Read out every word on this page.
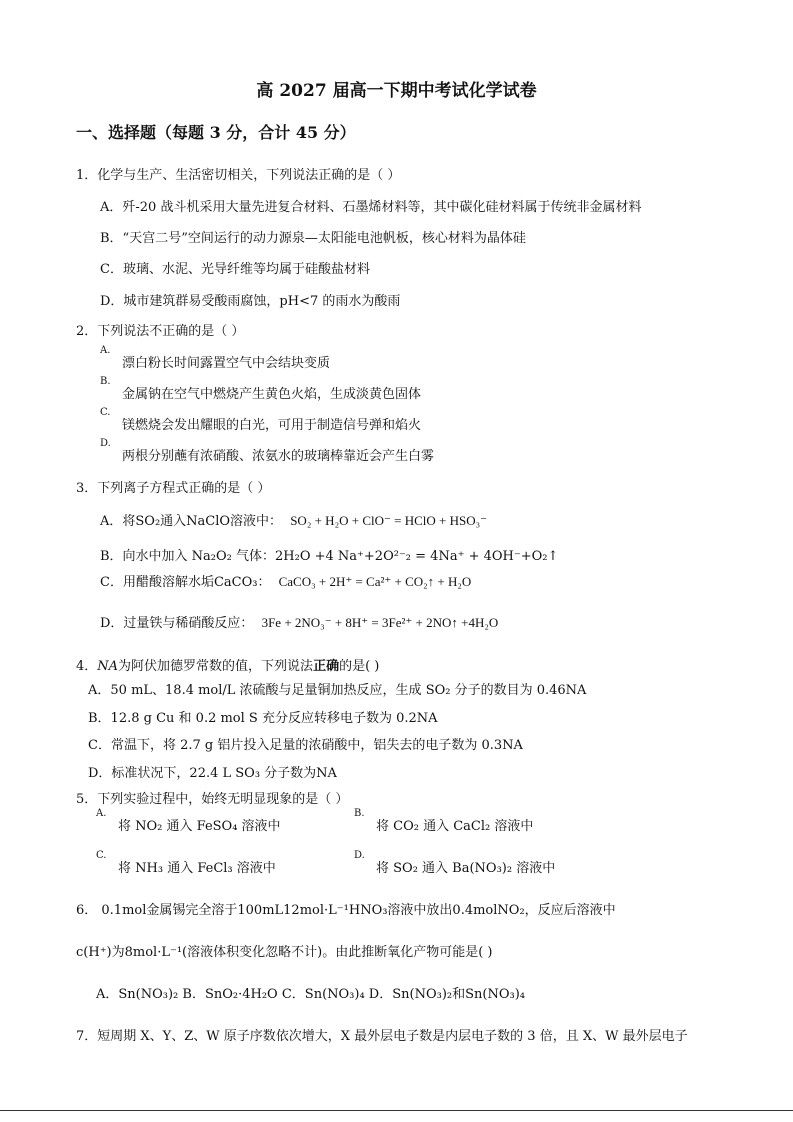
高 2027 届高一下期中考试化学试卷
一、选择题（每题 3 分，合计 45 分）
1．化学与生产、生活密切相关，下列说法正确的是（ ）
A．歼-20 战斗机采用大量先进复合材料、石墨烯材料等，其中碳化硅材料属于传统非金属材料
B．“天宫二号”空间运行的动力源泉—太阳能电池帆板，核心材料为晶体硅
C．玻璃、水泥、光导纤维等均属于硅酸盐材料
D．城市建筑群易受酸雨腐蚀，pH<7 的雨水为酸雨
2．下列说法不正确的是（ ）
A.
漂白粉长时间露置空气中会结块变质
B.
金属钠在空气中燃烧产生黄色火焰，生成淡黄色固体
C.
镁燃烧会发出耀眼的白光，可用于制造信号弹和焰火
D.
两根分别蘸有浓硝酸、浓氨水的玻璃棒靠近会产生白雾
3．下列离子方程式正确的是（ ）
A．将SO₂通入NaClO溶液中： SO₂ + H₂O + ClO⁻ = HClO + HSO₃⁻
B．向水中加入 Na₂O₂ 气体：2H₂O +4 Na⁺+2O²⁻₂ = 4Na⁺ + 4OH⁻+O₂↑
C．用醋酸溶解水垢CaCO₃： CaCO₃ + 2H⁺ = Ca²⁺ + CO₂↑ + H₂O
D．过量铁与稀硝酸反应： 3Fe + 2NO₃⁻ + 8H⁺ = 3Fe²⁺ + 2NO↑ +4H₂O
4．NA为阿伏加德罗常数的值，下列说法正确的是( )
A．50 mL、18.4 mol/L 浓硫酸与足量铜加热反应，生成 SO₂ 分子的数目为 0.46NA
B．12.8 g Cu 和 0.2 mol S 充分反应转移电子数为 0.2NA
C．常温下，将 2.7 g 铝片投入足量的浓硝酸中，铝失去的电子数为 0.3NA
D．标准状况下，22.4 L SO₃ 分子数为NA
5．下列实验过程中，始终无明显现象的是（ ）
A.
将 NO₂ 通入 FeSO₄ 溶液中
B.
将 CO₂ 通入 CaCl₂ 溶液中
C.
将 NH₃ 通入 FeCl₃ 溶液中
D.
将 SO₂ 通入 Ba(NO₃)₂ 溶液中
6． 0.1mol金属锡完全溶于100mL12mol·L⁻¹HNO₃溶液中放出0.4molNO₂，反应后溶液中
c(H⁺)为8mol·L⁻¹(溶液体积变化忽略不计)。由此推断氧化产物可能是( )
A．Sn(NO₃)₂ B．SnO₂·4H₂O C．Sn(NO₃)₄ D．Sn(NO₃)₂和Sn(NO₃)₄
7．短周期 X、Y、Z、W 原子序数依次增大，X 最外层电子数是内层电子数的 3 倍，且 X、W 最外层电子
